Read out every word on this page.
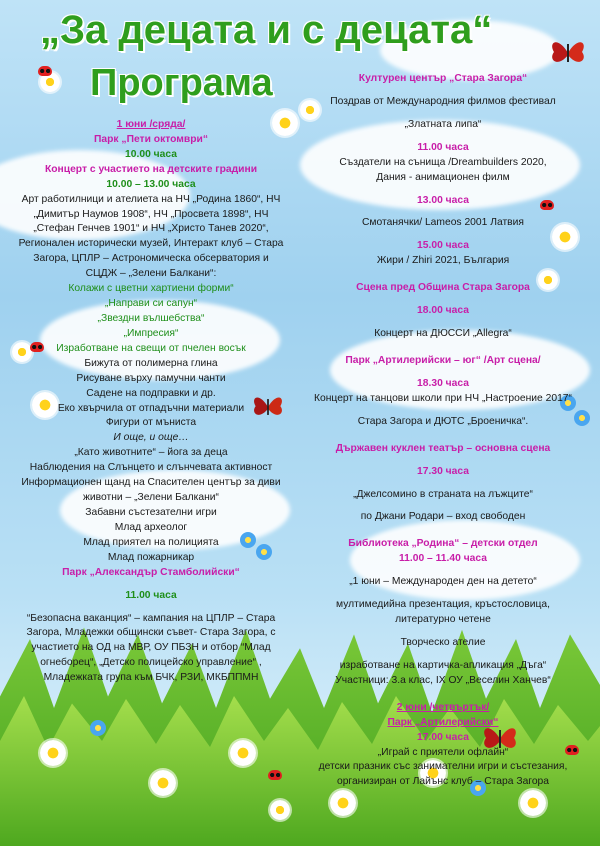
„За децата и с децата“
Програма
1 юни /сряда/
Парк „Пети октомври“
10.00 часа
Концерт с участието на детските градини
10.00 – 13.00 часа
Арт работилници и ателиета на НЧ „Родина 1860“, НЧ
„Димитър Наумов 1908“, НЧ „Просвета 1898“, НЧ
„Стефан Генчев 1901“ и НЧ „Христо Танев 2020“,
Регионален исторически музей, Интеракт клуб – Стара
Загора, ЦПЛР – Астрономическа обсерватория и
СЦДЖ – „Зелени Балкани“:
Колажи с цветни хартиени форми“
„Направи си сапун“
„Звездни вълшебства“
„Импресия“
Изработване на свещи от пчелен восък
Бижута от полимерна глина
Рисуване върху памучни чанти
Садене на подправки и др.
Еко хвърчила от отпадъчни материали
Фигури от мъниста
И още, и още…
„Като животните“ – йога за деца
Наблюдения на Слънцето и слънчевата активност
Информационен щанд на Спасителен център за диви
животни – „Зелени Балкани“
Забавни състезателни игри
Млад археолог
Млад приятел на полицията
Млад пожарникар
Парк „Александър Стамболийски“
11.00 часа
“Безопасна ваканция“ – кампания на ЦПЛР – Стара
Загора, Младежки общински съвет- Стара Загора, с
участието на ОД на МВР, ОУ ПБЗН и отбор “Млад
огнеборец“, „Детско полицейско управление“ ,
Младежката група към БЧК, РЗИ, МКБППМН
Културен център „Стара Загора“
Поздрав от Международния филмов фестивал
„Златната липа“
11.00 часа
Създатели на сънища /Dreambuilders 2020,
Дания - анимационен филм
13.00 часа
Смотанячки/ Lameos 2001 Латвия
15.00 часа
Жири / Zhiri 2021, България
Сцена пред Община Стара Загора
18.00 часа
Концерт на ДЮССИ „Allegra“
Парк „Артилерийски – юг“ /Арт сцена/
18.30 часа
Концерт на танцови школи при НЧ „Настроение 2017“
Стара Загора и ДЮТС „Броеничка“.
Държавен куклен театър – основна сцена
17.30 часа
„Джелсомино в страната на лъжците“
по Джани Родари – вход свободен
Библиотека „Родина“ – детски отдел
11.00 – 11.40 часа
„1 юни – Международен ден на детето“
мултимедийна презентация, кръстословица,
литературно четене
Творческо ателие
изработване на картичка-апликация „Дъга“
Участници: 3.а клас, IX ОУ „Веселин Ханчев“
2 юни /четвъртък/
Парк „Артилерийски“
17.00 часа
„Играй с приятели офлайн“
детски празник със занимателни игри и състезания,
организиран от Лайънс клуб – Стара Загора
